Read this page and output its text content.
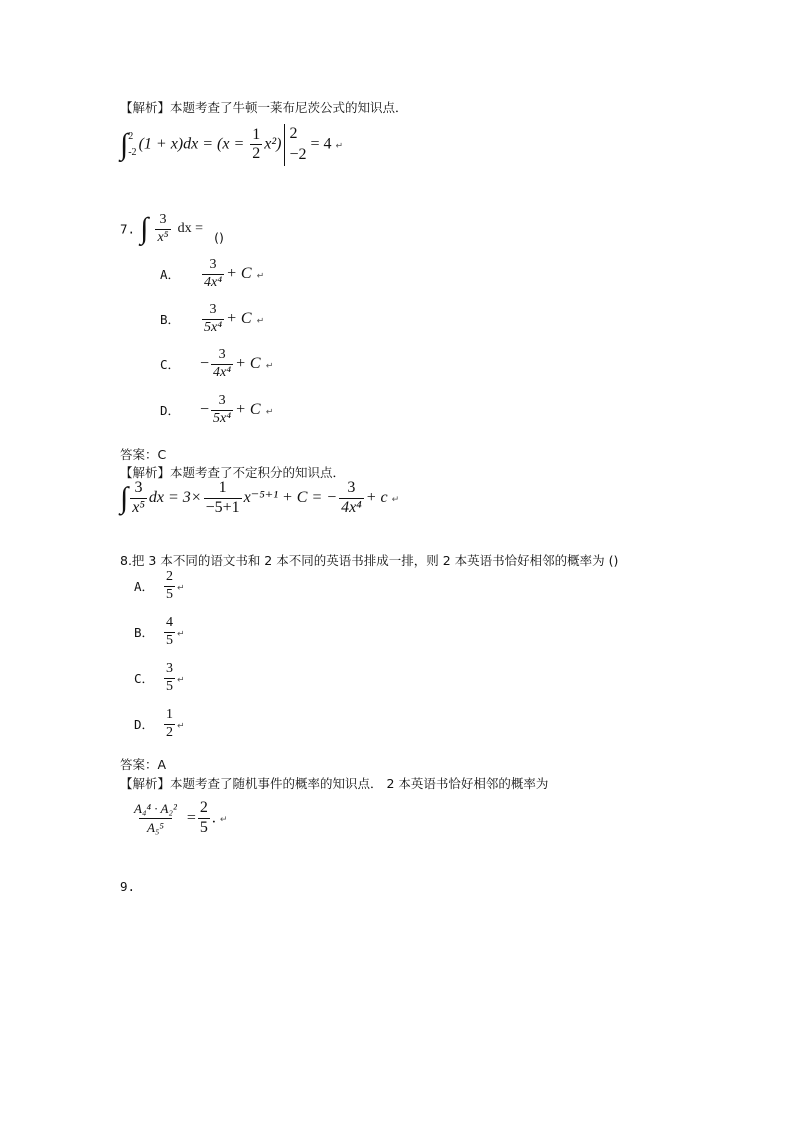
【解析】本题考查了牛顿一莱布尼茨公式的知识点．
∫ 2
-2 $(1 + x)dx = (x = \frac{1}{2} x^2)$
2
−2
= 4 ↵
7. ∫ $\frac{3}{\text{x⁵}}$ dx = ()
A． $\frac{3}{\text{4x⁴}} + C$ ↵
B． $\frac{3}{\text{5x⁴}} + C$ ↵
C． − $\frac{3}{\text{4x⁴}} + C$ ↵
D． − $\frac{3}{\text{5x⁴}} + C$ ↵
答案：C
【解析】本题考查了不定积分的知识点．
∫ $\frac{3}{\text{x⁵}}$ dx = $3\times \frac{1}{-5+1} x^{-5+1} + C$ = − $\frac{3}{\text{4x⁴}} + c$ ↵
8.把 3 本不同的语文书和 2 本不同的英语书排成一排，则 2 本英语书恰好相邻的概率为 ()
A． $\frac{2}{5}$ ↵
B． $\frac{4}{5}$ ↵
C． $\frac{3}{5}$ ↵
D． $\frac{1}{2}$ ↵
答案：A
【解析】本题考查了随机事件的概率的知识点． 2 本英语书恰好相邻的概率为
$\frac{\text{A₄⁴ · A₂²}}{\text{A₅⁵}} = \frac{2}{5}$ . ↵
9.
